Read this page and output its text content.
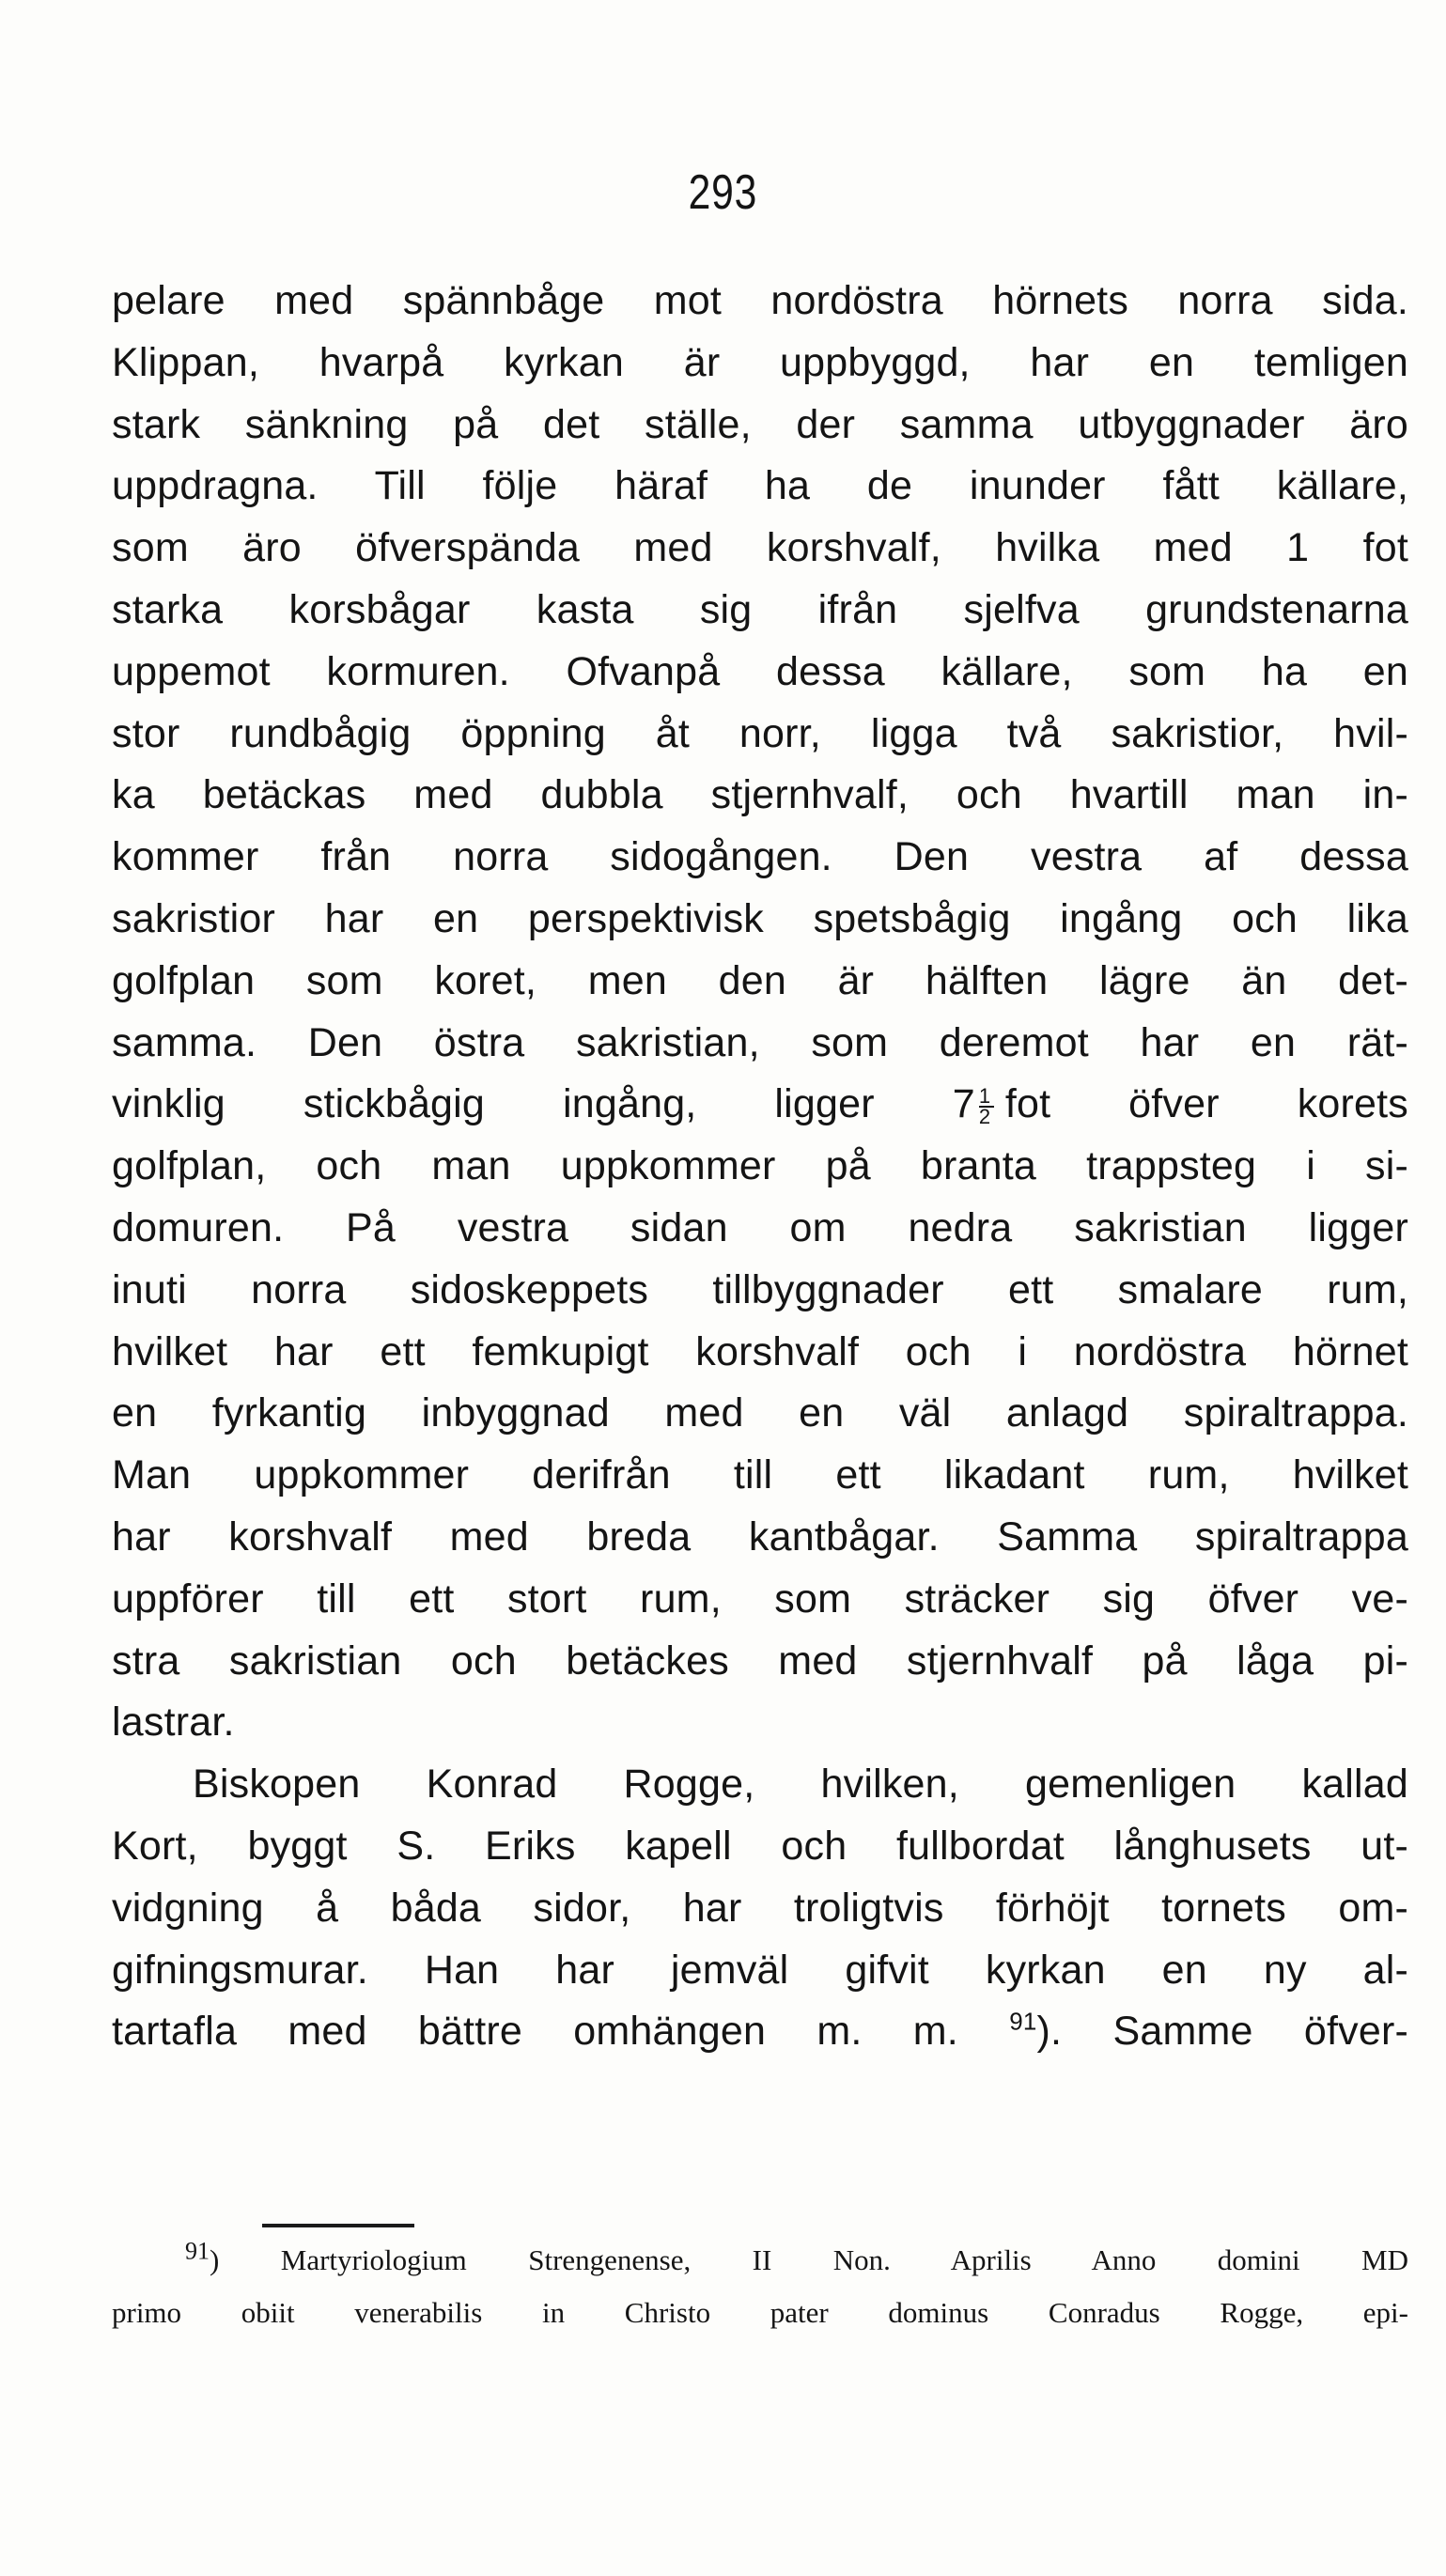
293
pelare med spännbåge mot nordöstra hörnets norra sida.
Klippan, hvarpå kyrkan är uppbyggd, har en temligen
stark sänkning på det ställe, der samma utbyggnader äro
uppdragna. Till följe häraf ha de inunder fått källare,
som äro öfverspända med korshvalf, hvilka med 1 fot
starka korsbågar kasta sig ifrån sjelfva grundstenarna
uppemot kormuren. Ofvanpå dessa källare, som ha en
stor rundbågig öppning åt norr, ligga två sakristior, hvil-
ka betäckas med dubbla stjernhvalf, och hvartill man in-
kommer från norra sidogången. Den vestra af dessa
sakristior har en perspektivisk spetsbågig ingång och lika
golfplan som koret, men den är hälften lägre än det-
samma. Den östra sakristian, som deremot har en rät-
vinklig stickbågig ingång, ligger $7 \frac{1}{2}$ fot öfver korets
golfplan, och man uppkommer på branta trappsteg i si-
domuren. På vestra sidan om nedra sakristian ligger
inuti norra sidoskeppets tillbyggnader ett smalare rum,
hvilket har ett femkupigt korshvalf och i nordöstra hörnet
en fyrkantig inbyggnad med en väl anlagd spiraltrappa.
Man uppkommer derifrån till ett likadant rum, hvilket
har korshvalf med breda kantbågar. Samma spiraltrappa
uppförer till ett stort rum, som sträcker sig öfver ve-
stra sakristian och betäckes med stjernhvalf på låga pi-
lastrar.
Biskopen Konrad Rogge, hvilken, gemenligen kallad
Kort, byggt S. Eriks kapell och fullbordat långhusets ut-
vidgning å båda sidor, har troligtvis förhöjt tornets om-
gifningsmurar. Han har jemväl gifvit kyrkan en ny al-
tartafla med bättre omhängen m. m. $^{91}$). Samme öfver-
$^{91}$) Martyriologium Strengenense, II Non. Aprilis Anno domini MD
primo obiit venerabilis in Christo pater dominus Conradus Rogge, epi-
